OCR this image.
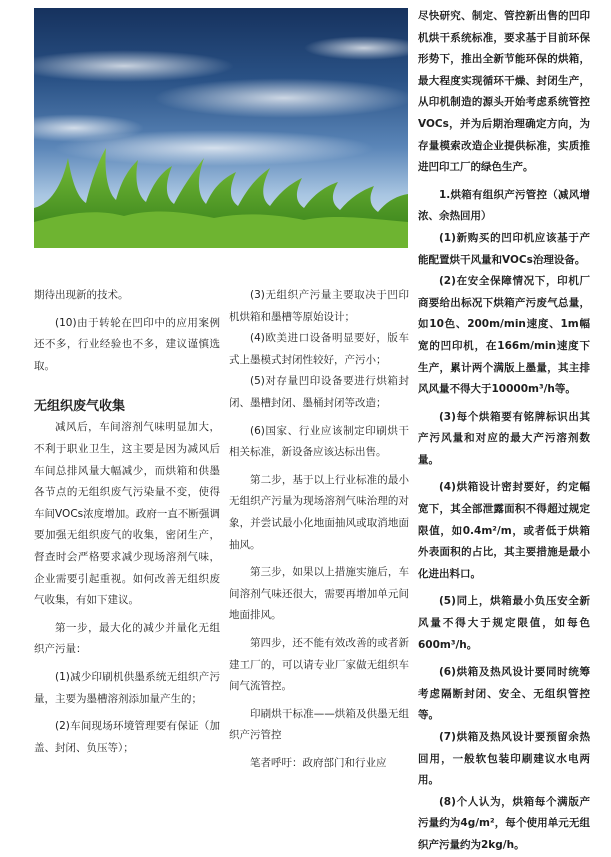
期待出现新的技术。

(10)由于转轮在凹印中的应用案例还不多，行业经验也不多，建议谨慎选取。

无组织废气收集

减风后，车间溶剂气味明显加大，不利于职业卫生，这主要是因为减风后车间总排风量大幅减少，而烘箱和供墨各节点的无组织废气污染量不变，使得车间VOCs浓度增加。政府一直不断强调要加强无组织废气的收集，密闭生产，督查时会严格要求减少现场溶剂气味，企业需要引起重视。如何改善无组织废气收集，有如下建议。

第一步，最大化的减少并量化无组织产污量：

(1)减少印刷机供墨系统无组织产污量，主要为墨槽溶剂添加量产生的；

(2)车间现场环境管理要有保证（加盖、封闭、负压等）；

(3)无组织产污量主要取决于凹印机烘箱和墨槽等原始设计；

(4)欧美进口设备明显要好，版车式上墨模式封闭性较好，产污小；

(5)对存量凹印设备要进行烘箱封闭、墨槽封闭、墨桶封闭等改造；

(6)国家、行业应该制定印刷烘干相关标准，新设备应该达标出售。

第二步，基于以上行业标准的最小无组织产污量为现场溶剂气味治理的对象，并尝试最小化地面抽风或取消地面抽风。

第三步，如果以上措施实施后，车间溶剂气味还很大，需要再增加单元间地面排风。

第四步，还不能有效改善的或者新建工厂的，可以请专业厂家做无组织车间气流管控。

印刷烘干标准——烘箱及供墨无组织产污管控

笔者呼吁：政府部门和行业应

尽快研究、制定、管控新出售的凹印机烘干系统标准，要求基于目前环保形势下，推出全新节能环保的烘箱，最大程度实现循环干燥、封闭生产，从印机制造的源头开始考虑系统管控VOCs，并为后期治理确定方向，为存量模索改造企业提供标准，实质推进凹印工厂的绿色生产。

1.烘箱有组织产污管控（减风增浓、余热回用）

(1)新购买的凹印机应该基于产能配置烘干风量和VOCs治理设备。

(2)在安全保障情况下，印机厂商要给出标况下烘箱产污废气总量，如10色、200m/min速度、1m幅宽的凹印机，在166m/min速度下生产，累计两个满版上墨量，其主排风风量不得大于10000m³/h等。

(3)每个烘箱要有铭牌标识出其产污风量和对应的最大产污溶剂数量。

(4)烘箱设计密封要好，约定幅宽下，其全部泄露面积不得超过规定限值，如0.4m²/m，或者低于烘箱外表面积的占比，其主要措施是最小化进出料口。

(5)同上，烘箱最小负压安全新风量不得大于规定限值，如每色600m³/h。

(6)烘箱及热风设计要同时统筹考虑隔断封闭、安全、无组织管控等。

(7)烘箱及热风设计要预留余热回用，一般软包装印刷建议水电两用。

(8)个人认为，烘箱每个满版产污量约为4g/m²，每个使用单元无组织产污量约为2kg/h。
